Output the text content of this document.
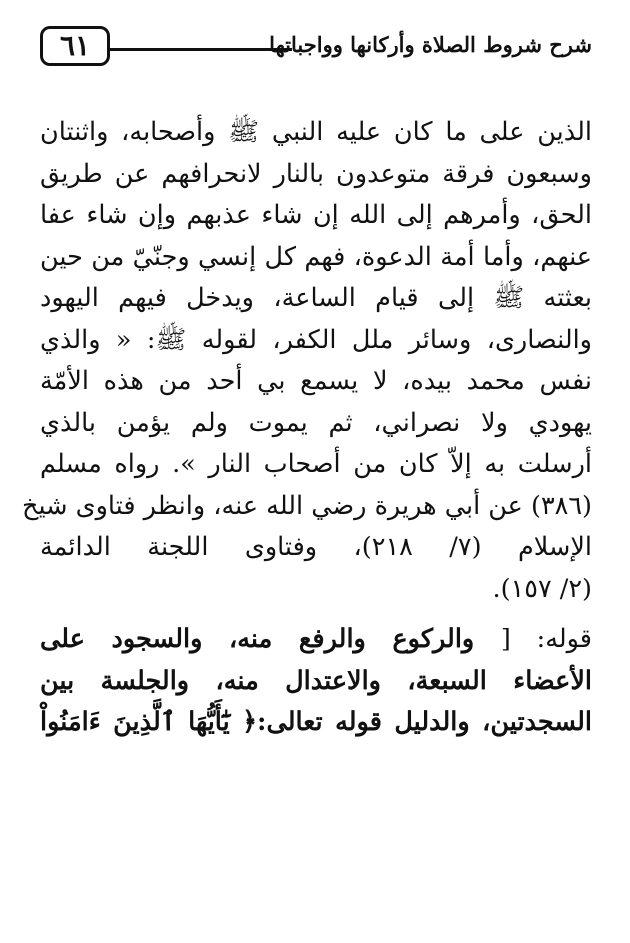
٦١	شرح شروط الصلاة وأركانها وواجباتها

الذين على ما كان عليه النبي ﷺ وأصحابه، واثنتان
وسبعون فرقة متوعدون بالنار لانحرافهم عن طريق
الحق، وأمرهم إلى الله إن شاء عذبهم وإن شاء عفا
عنهم، وأما أمة الدعوة، فهم كل إنسي وجنّيّ من حين
بعثته ﷺ إلى قيام الساعة، ويدخل فيهم اليهود
والنصارى، وسائر ملل الكفر، لقوله ﷺ: « والذي
نفس محمد بيده، لا يسمع بي أحد من هذه الأمّة
يهودي ولا نصراني، ثم يموت ولم يؤمن بالذي
أرسلت به إلاّ كان من أصحاب النار ». رواه مسلم
(٣٨٦) عن أبي هريرة رضي الله عنه، وانظر فتاوى شيخ
الإسلام (٧/ ٢١٨)، وفتاوى اللجنة الدائمة
(٢/ ١٥٧).

قوله: [ والركوع والرفع منه، والسجود على
الأعضاء السبعة، والاعتدال منه، والجلسة بين
السجدتين، والدليل قوله تعالى:﴿ يَٰٓأَيُّهَا ٱلَّذِينَ ءَامَنُواْ
